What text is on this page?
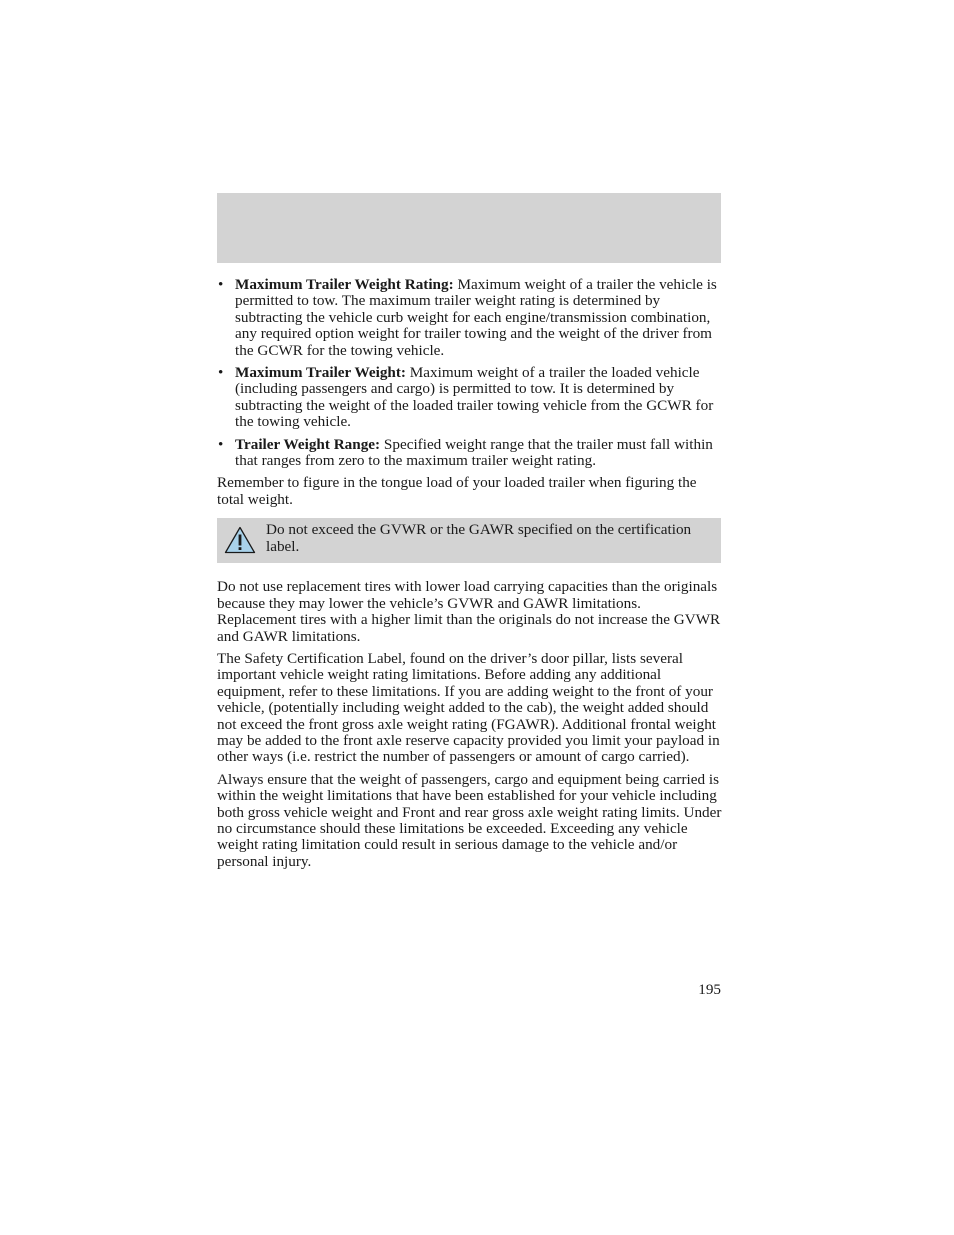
• Maximum Trailer Weight Rating: Maximum weight of a trailer the vehicle is permitted to tow. The maximum trailer weight rating is determined by subtracting the vehicle curb weight for each engine/transmission combination, any required option weight for trailer towing and the weight of the driver from the GCWR for the towing vehicle.
• Maximum Trailer Weight: Maximum weight of a trailer the loaded vehicle (including passengers and cargo) is permitted to tow. It is determined by subtracting the weight of the loaded trailer towing vehicle from the GCWR for the towing vehicle.
• Trailer Weight Range: Specified weight range that the trailer must fall within that ranges from zero to the maximum trailer weight rating.

Remember to figure in the tongue load of your loaded trailer when figuring the total weight.

Do not exceed the GVWR or the GAWR specified on the certification label.

Do not use replacement tires with lower load carrying capacities than the originals because they may lower the vehicle’s GVWR and GAWR limitations. Replacement tires with a higher limit than the originals do not increase the GVWR and GAWR limitations.

The Safety Certification Label, found on the driver’s door pillar, lists several important vehicle weight rating limitations. Before adding any additional equipment, refer to these limitations. If you are adding weight to the front of your vehicle, (potentially including weight added to the cab), the weight added should not exceed the front gross axle weight rating (FGAWR). Additional frontal weight may be added to the front axle reserve capacity provided you limit your payload in other ways (i.e. restrict the number of passengers or amount of cargo carried).

Always ensure that the weight of passengers, cargo and equipment being carried is within the weight limitations that have been established for your vehicle including both gross vehicle weight and Front and rear gross axle weight rating limits. Under no circumstance should these limitations be exceeded. Exceeding any vehicle weight rating limitation could result in serious damage to the vehicle and/or personal injury.

195
